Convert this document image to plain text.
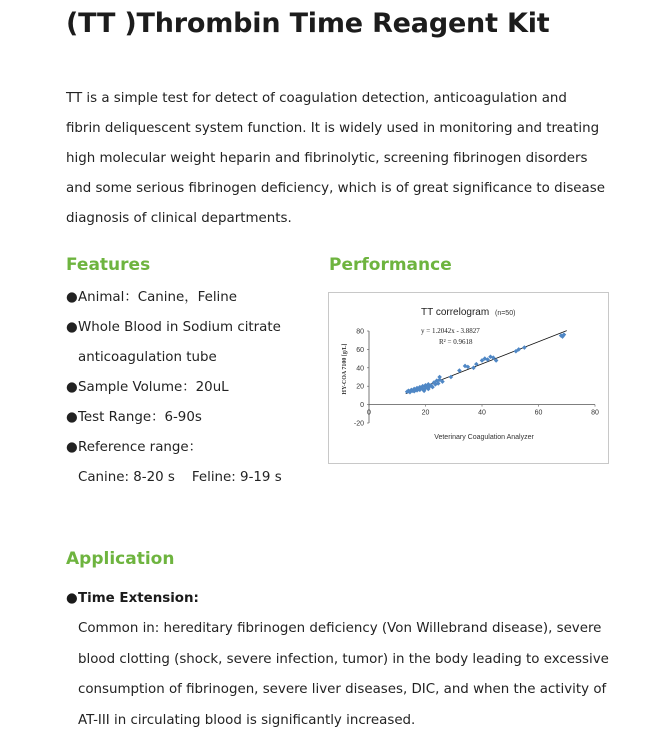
(TT )Thrombin Time Reagent Kit

TT is a simple test for detect of coagulation detection, anticoagulation and
fibrin deliquescent system function. It is widely used in monitoring and treating
high molecular weight heparin and fibrinolytic, screening fibrinogen disorders
and some serious fibrinogen deficiency, which is of great significance to disease
diagnosis of clinical departments.

Features
●Animal：Canine，Feline
●Whole Blood in Sodium citrate
anticoagulation tube
●Sample Volume：20uL
●Test Range：6-90s
●Reference range：
Canine: 8-20 s    Feline: 9-19 s
Performance
TT correlogram (n=50)
y = 1.2042x - 3.8827
R² = 0.9618
0	20	40	60	80
-20
0
20
40
60
80
Veterinary Coagulation Analyzer
HY-COA 7100 [g/L]
Application
●Time Extension:

Common in: hereditary fibrinogen deficiency (Von Willebrand disease), severe
blood clotting (shock, severe infection, tumor) in the body leading to excessive
consumption of fibrinogen, severe liver diseases, DIC, and when the activity of
AT-III in circulating blood is significantly increased.
